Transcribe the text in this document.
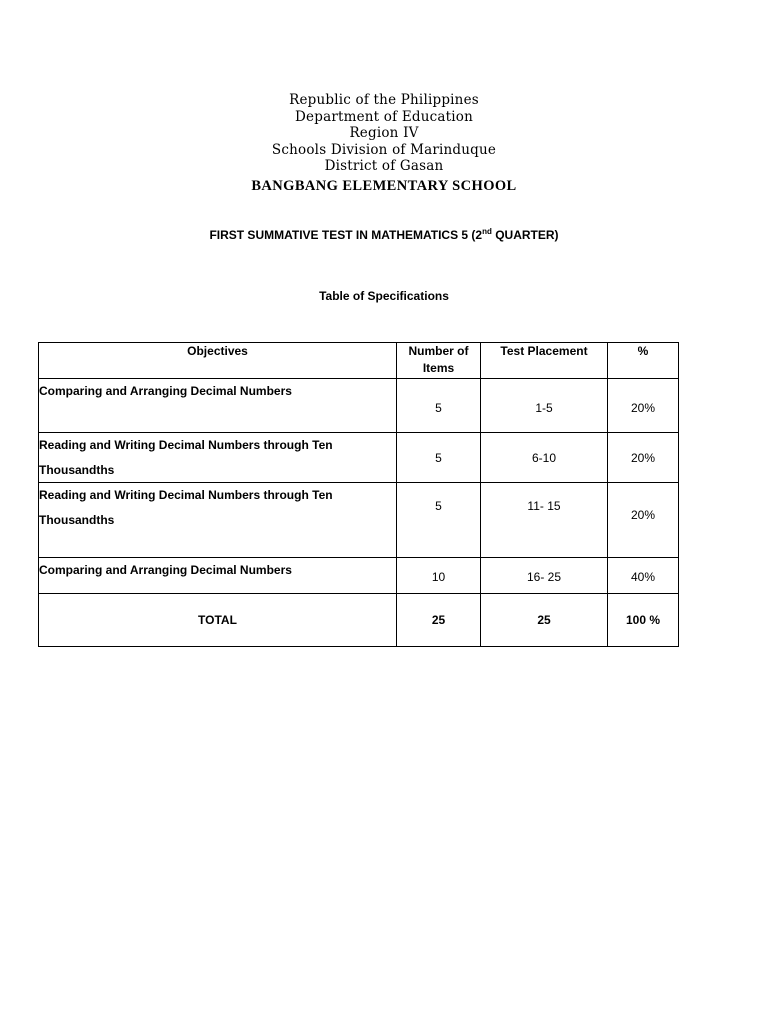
Republic of the Philippines
Department of Education
Region IV
Schools Division of Marinduque
District of Gasan
BANGBANG ELEMENTARY SCHOOL
FIRST SUMMATIVE TEST IN MATHEMATICS 5 (2nd QUARTER)
Table of Specifications
Objectives	Number of Items	Test Placement	%
Comparing and Arranging Decimal Numbers	5	1-5	20%
Reading and Writing Decimal Numbers through Ten Thousandths	5	6-10	20%
Reading and Writing Decimal Numbers through Ten Thousandths	5	11- 15	20%
Comparing and Arranging Decimal Numbers	10	16- 25	40%
TOTAL	25	25	100 %
